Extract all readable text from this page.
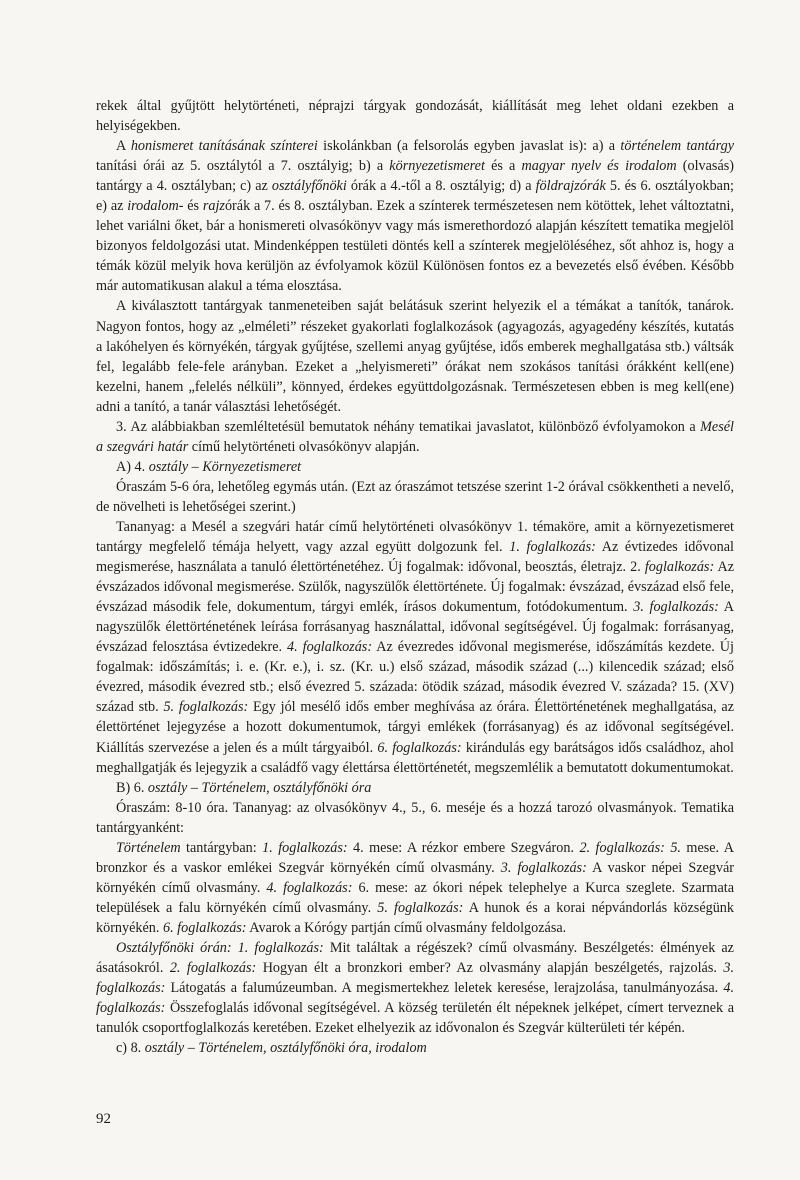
rekek által gyűjtött helytörténeti, néprajzi tárgyak gondozását, kiállítását meg lehet oldani ezekben a helyiségekben.

A honismeret tanításának színterei iskolánkban (a felsorolás egyben javaslat is): a) a történelem tantárgy tanítási órái az 5. osztálytól a 7. osztályig; b) a környezetismeret és a magyar nyelv és irodalom (olvasás) tantárgy a 4. osztályban; c) az osztályfőnöki órák a 4.-től a 8. osztályig; d) a földrajzórák 5. és 6. osztályokban; e) az irodalom- és rajzórák a 7. és 8. osztályban. Ezek a színterek természetesen nem kötöttek, lehet változtatni, lehet variálni őket, bár a honismereti olvasókönyv vagy más ismerethordozó alapján készített tematika megjelöl bizonyos feldolgozási utat. Mindenképpen testületi döntés kell a színterek megjelöléséhez, sőt ahhoz is, hogy a témák közül melyik hova kerüljön az évfolyamok közül Különösen fontos ez a bevezetés első évében. Később már automatikusan alakul a téma elosztása.

A kiválasztott tantárgyak tanmeneteiben saját belátásuk szerint helyezik el a témákat a tanítók, tanárok. Nagyon fontos, hogy az „elméleti” részeket gyakorlati foglalkozások (agyagozás, agyagedény készítés, kutatás a lakóhelyen és környékén, tárgyak gyűjtése, szellemi anyag gyűjtése, idős emberek meghallgatása stb.) váltsák fel, legalább fele-fele arányban. Ezeket a „helyismereti” órákat nem szokásos tanítási órákként kell(ene) kezelni, hanem „felelés nélküli”, könnyed, érdekes együttdolgozásnak. Természetesen ebben is meg kell(ene) adni a tanító, a tanár választási lehetőségét.

3. Az alábbiakban szemléltetésül bemutatok néhány tematikai javaslatot, különböző évfolyamokon a Mesél a szegvári határ című helytörténeti olvasókönyv alapján.

A) 4. osztály – Környezetismeret

Óraszám 5-6 óra, lehetőleg egymás után. (Ezt az óraszámot tetszése szerint 1-2 órával csökkentheti a nevelő, de növelheti is lehetőségei szerint.)

Tananyag: a Mesél a szegvári határ című helytörténeti olvasókönyv 1. témaköre, amit a környezetismeret tantárgy megfelelő témája helyett, vagy azzal együtt dolgozunk fel. 1. foglalkozás: Az évtizedes idővonal megismerése, használata a tanuló élettörténetéhez. Új fogalmak: idővonal, beosztás, életrajz. 2. foglalkozás: Az évszázados idővonal megismerése. Szülők, nagyszülők élettörténete. Új fogalmak: évszázad, évszázad első fele, évszázad második fele, dokumentum, tárgyi emlék, írásos dokumentum, fotódokumentum. 3. foglalkozás: A nagyszülők élettörténetének leírása forrásanyag használattal, idővonal segítségével. Új fogalmak: forrásanyag, évszázad felosztása évtizedekre. 4. foglalkozás: Az évezredes idővonal megismerése, időszámítás kezdete. Új fogalmak: időszámítás; i. e. (Kr. e.), i. sz. (Kr. u.) első század, második század (...) kilencedik század; első évezred, második évezred stb.; első évezred 5. százada: ötödik század, második évezred V. százada? 15. (XV) század stb. 5. foglalkozás: Egy jól mesélő idős ember meghívása az órára. Élettörténetének meghallgatása, az élettörténet lejegyzése a hozott dokumentumok, tárgyi emlékek (forrásanyag) és az idővonal segítségével. Kiállítás szervezése a jelen és a múlt tárgyaiból. 6. foglalkozás: kirándulás egy barátságos idős családhoz, ahol meghallgatják és lejegyzik a családfő vagy élettársa élettörténetét, megszemlélik a bemutatott dokumentumokat.

B) 6. osztály – Történelem, osztályfőnöki óra

Óraszám: 8-10 óra. Tananyag: az olvasókönyv 4., 5., 6. meséje és a hozzá tarozó olvasmányok. Tematika tantárgyanként:

Történelem tantárgyban: 1. foglalkozás: 4. mese: A rézkor embere Szegváron. 2. foglalkozás: 5. mese. A bronzkor és a vaskor emlékei Szegvár környékén című olvasmány. 3. foglalkozás: A vaskor népei Szegvár környékén című olvasmány. 4. foglalkozás: 6. mese: az ókori népek telephelye a Kurca szeglete. Szarmata települések a falu környékén című olvasmány. 5. foglalkozás: A hunok és a korai népvándorlás községünk környékén. 6. foglalkozás: Avarok a Kórógy partján című olvasmány feldolgozása.

Osztályfőnöki órán: 1. foglalkozás: Mit találtak a régészek? című olvasmány. Beszélgetés: élmények az ásatásokról. 2. foglalkozás: Hogyan élt a bronzkori ember? Az olvasmány alapján beszélgetés, rajzolás. 3. foglalkozás: Látogatás a falumúzeumban. A megismertekhez leletek keresése, lerajzolása, tanulmányozása. 4. foglalkozás: Összefoglalás idővonal segítségével. A község területén élt népeknek jelképet, címert terveznek a tanulók csoportfoglalkozás keretében. Ezeket elhelyezik az idővonalon és Szegvár külterületi tér képén.

c) 8. osztály – Történelem, osztályfőnöki óra, irodalom

92
